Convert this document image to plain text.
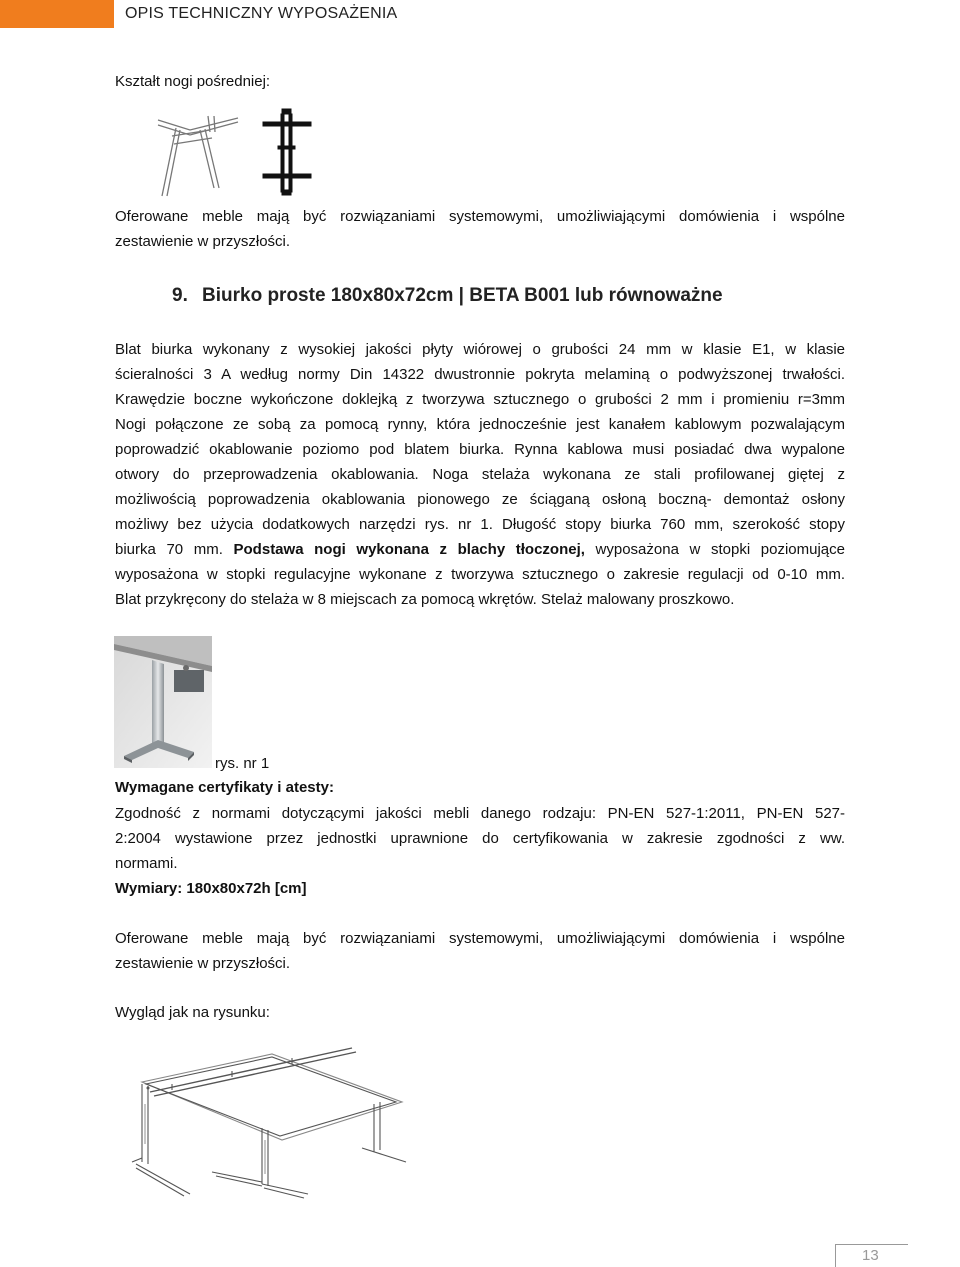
OPIS TECHNICZNY WYPOSAŻENIA

Kształt nogi pośredniej:

Oferowane meble mają być rozwiązaniami systemowymi, umożliwiającymi domówienia i wspólne

zestawienie w przyszłości.

9. Biurko proste 180x80x72cm | BETA B001 lub równoważne

Blat biurka wykonany z wysokiej jakości płyty wiórowej o grubości 24 mm w klasie E1, w klasie

ścieralności 3 A według normy Din 14322 dwustronnie pokryta melaminą o podwyższonej trwałości.

Krawędzie boczne wykończone doklejką z tworzywa sztucznego o grubości 2 mm i promieniu r=3mm

Nogi połączone ze sobą za pomocą rynny, która jednocześnie jest kanałem kablowym pozwalającym

poprowadzić okablowanie poziomo pod blatem biurka. Rynna kablowa musi posiadać dwa wypalone

otwory do przeprowadzenia okablowania. Noga stelaża wykonana ze stali profilowanej giętej z

możliwością poprowadzenia okablowania pionowego ze ściąganą osłoną boczną- demontaż osłony

możliwy bez użycia dodatkowych narzędzi rys. nr 1. Długość stopy biurka 760 mm, szerokość stopy

biurka 70 mm. Podstawa nogi wykonana z blachy tłoczonej, wyposażona w stopki poziomujące

wyposażona w stopki regulacyjne wykonane z tworzywa sztucznego o zakresie regulacji od 0-10 mm.

Blat przykręcony do stelaża w 8 miejscach za pomocą wkrętów. Stelaż malowany proszkowo.

rys. nr 1

Wymagane certyfikaty i atesty:

Zgodność z normami dotyczącymi jakości mebli danego rodzaju: PN-EN 527-1:2011, PN-EN 527-

2:2004 wystawione przez jednostki uprawnione do certyfikowania w zakresie zgodności z ww.

normami.

Wymiary: 180x80x72h [cm]

Oferowane meble mają być rozwiązaniami systemowymi, umożliwiającymi domówienia i wspólne

zestawienie w przyszłości.

Wygląd jak na rysunku:

13
